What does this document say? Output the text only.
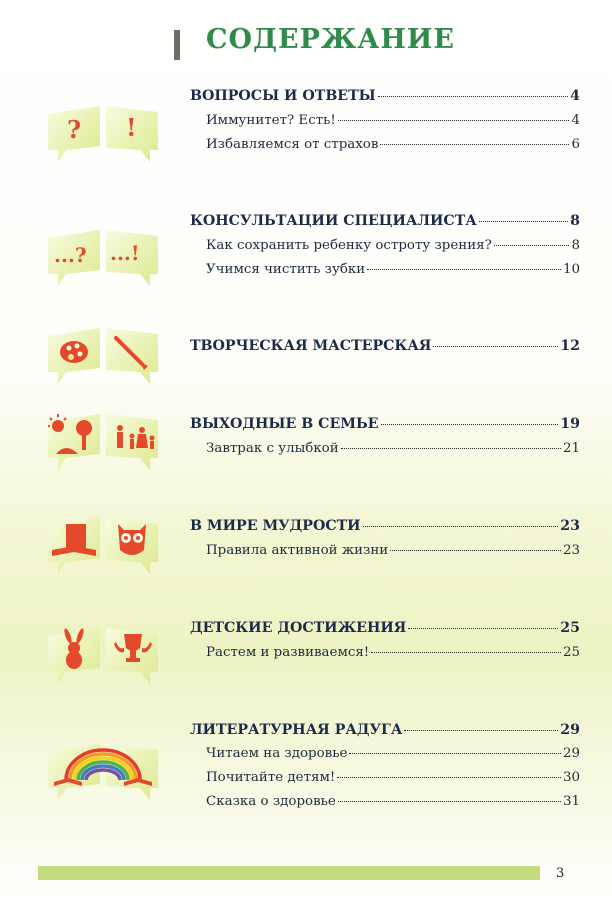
СОДЕРЖАНИЕ
? !
ВОПРОСЫ И ОТВЕТЫ	4
Иммунитет? Есть!	4
Избавляемся от страхов	6
...? ...!
КОНСУЛЬТАЦИИ СПЕЦИАЛИСТА	8
Как сохранить ребенку остроту зрения?	8
Учимся чистить зубки	10
ТВОРЧЕСКАЯ МАСТЕРСКАЯ	12
ВЫХОДНЫЕ В СЕМЬЕ	19
Завтрак с улыбкой	21
В МИРЕ МУДРОСТИ	23
Правила активной жизни	23
ДЕТСКИЕ ДОСТИЖЕНИЯ	25
Растем и развиваемся!	25
ЛИТЕРАТУРНАЯ РАДУГА	29
Читаем на здоровье	29
Почитайте детям!	30
Сказка о здоровье	31
3
